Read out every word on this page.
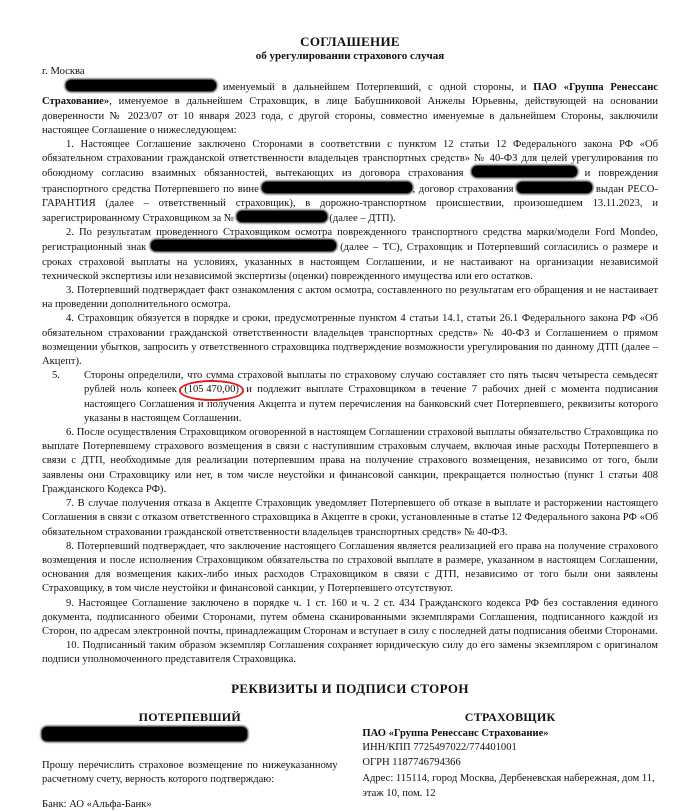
СОГЛАШЕНИЕ
об урегулировании страхового случая
г. Москва

именуемый в дальнейшем Потерпевший, с одной стороны, и ПАО «Группа Ренессанс Страхование», именуемое в дальнейшем Страховщик, в лице Бабушниковой Анжелы Юрьевны, действующей на основании доверенности № 2023/07 от 10 января 2023 года, с другой стороны, совместно именуемые в дальнейшем Стороны, заключили настоящее Соглашение о нижеследующем:

1. Настоящее Соглашение заключено Сторонами в соответствии с пунктом 12 статьи 12 Федерального закона РФ «Об обязательном страховании гражданской ответственности владельцев транспортных средств» № 40-ФЗ для целей урегулирования по обоюдному согласию взаимных обязанностей, вытекающих из договора страхования	и повреждения транспортного средства Потерпевшего по вине	, договор страхования	выдан РЕСО-ГАРАНТИЯ (далее – ответственный страховщик), в дорожно-транспортном происшествии, произошедшем 13.11.2023, и зарегистрированному Страховщиком за №	(далее – ДТП).

2. По результатам проведенного Страховщиком осмотра поврежденного транспортного средства марки/модели Ford Mondeo, регистрационный знак	(далее – ТС), Страховщик и Потерпевший согласились о размере и сроках страховой выплаты на условиях, указанных в настоящем Соглашении, и не настаивают на организации независимой технической экспертизы или независимой экспертизы (оценки) поврежденного имущества или его остатков.

3. Потерпевший подтверждает факт ознакомления с актом осмотра, составленного по результатам его обращения и не настаивает на проведении дополнительного осмотра.

4. Страховщик обязуется в порядке и сроки, предусмотренные пунктом 4 статьи 14.1, статьи 26.1 Федерального закона РФ «Об обязательном страховании гражданской ответственности владельцев транспортных средств» № 40-ФЗ и Соглашением о прямом возмещении убытков, запросить у ответственного страховщика подтверждение возможности урегулирования по данному ДТП (далее – Акцепт).

5. Стороны определили, что сумма страховой выплаты по страховому случаю составляет сто пять тысяч четыреста семьдесят рублей ноль копеек (105 470,00) и подлежит выплате Страховщиком в течение 7 рабочих дней с момента подписания настоящего Соглашения и получения Акцепта и путем перечисления на банковский счет Потерпевшего, реквизиты которого указаны в настоящем Соглашении.

6. После осуществления Страховщиком оговоренной в настоящем Соглашении страховой выплаты обязательство Страховщика по выплате Потерпевшему страхового возмещения в связи с наступившим страховым случаем, включая иные расходы Потерпевшего в связи с ДТП, необходимые для реализации потерпевшим права на получение страхового возмещения, независимо от того, были заявлены они Страховщику или нет, в том числе неустойки и финансовой санкции, прекращается полностью (пункт 1 статьи 408 Гражданского Кодекса РФ).

7. В случае получения отказа в Акцепте Страховщик уведомляет Потерпевшего об отказе в выплате и расторжении настоящего Соглашения в связи с отказом ответственного страховщика в Акцепте в сроки, установленные в статье 12 Федерального закона РФ «Об обязательном страховании гражданской ответственности владельцев транспортных средств» № 40-ФЗ.

8. Потерпевший подтверждает, что заключение настоящего Соглашения является реализацией его права на получение страхового возмещения и после исполнения Страховщиком обязательства по страховой выплате в размере, указанном в настоящем Соглашении, основания для возмещения каких-либо иных расходов Страховщиком в связи с ДТП, независимо от того были они заявлены Страховщику, в том числе неустойки и финансовой санкции, у Потерпевшего отсутствуют.

9. Настоящее Соглашение заключено в порядке ч. 1 ст. 160 и ч. 2 ст. 434 Гражданского кодекса РФ без составления единого документа, подписанного обеими Сторонами, путем обмена сканированными экземплярами Соглашения, подписанного каждой из Сторон, по адресам электронной почты, принадлежащим Сторонам и вступает в силу с последней даты подписания обеими Сторонами.

10. Подписанный таким образом экземпляр Соглашения сохраняет юридическую силу до его замены экземпляром с оригиналом подписи уполномоченного представителя Страховщика.

РЕКВИЗИТЫ И ПОДПИСИ СТОРОН
ПОТЕРПЕВШИЙ

Прошу перечислить страховое возмещение по нижеуказанному расчетному счету, верность которого подтверждаю:

Банк: АО «Альфа-Банк»
СТРАХОВЩИК
ПАО «Группа Ренессанс Страхование»
ИНН/КПП 7725497022/774401001
ОГРН 1187746794366
Адрес: 115114, город Москва, Дербеневская набережная, дом 11, этаж 10, пом. 12
